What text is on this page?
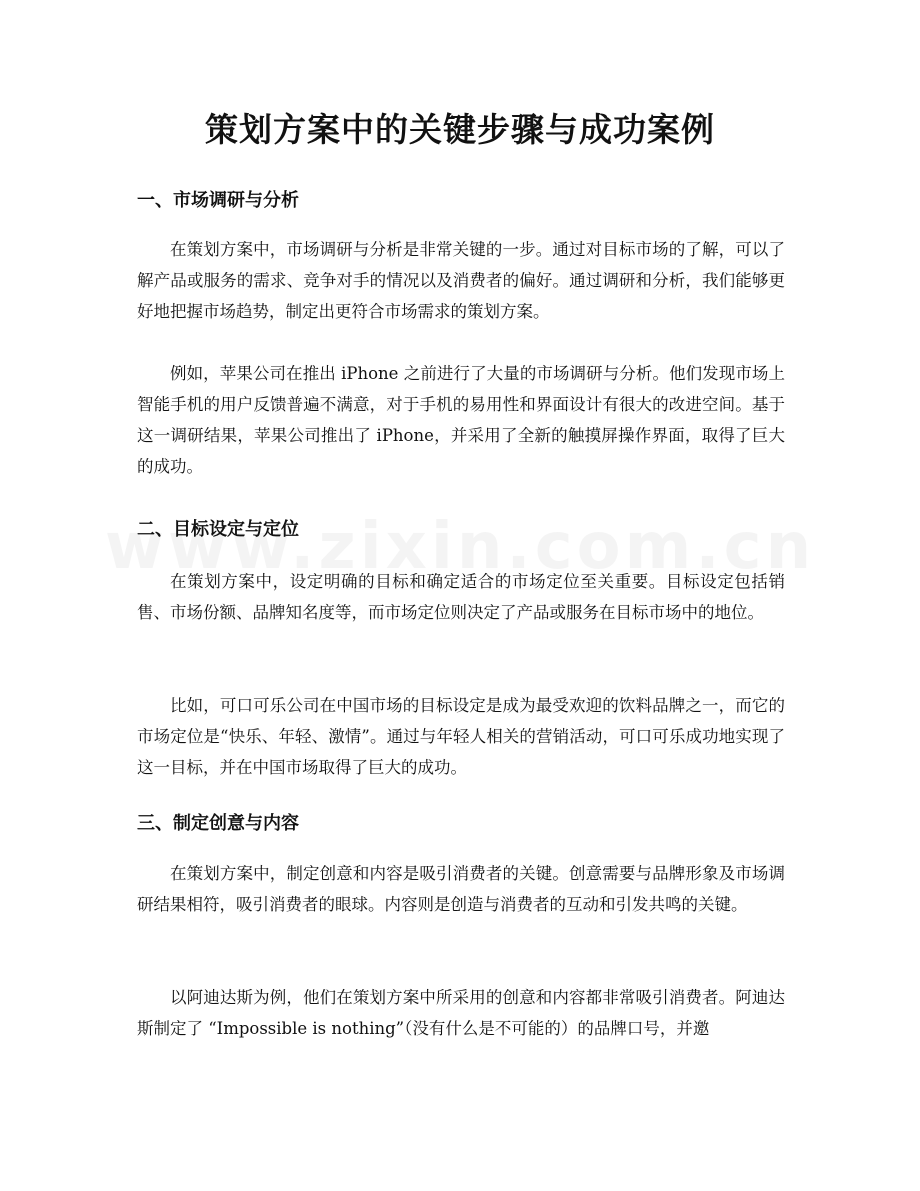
策划方案中的关键步骤与成功案例
一、市场调研与分析

在策划方案中，市场调研与分析是非常关键的一步。通过对目标市场的了解，可以了解产品或服务的需求、竞争对手的情况以及消费者的偏好。通过调研和分析，我们能够更好地把握市场趋势，制定出更符合市场需求的策划方案。

例如，苹果公司在推出 iPhone 之前进行了大量的市场调研与分析。他们发现市场上智能手机的用户反馈普遍不满意，对于手机的易用性和界面设计有很大的改进空间。基于这一调研结果，苹果公司推出了 iPhone，并采用了全新的触摸屏操作界面，取得了巨大的成功。

二、目标设定与定位

在策划方案中，设定明确的目标和确定适合的市场定位至关重要。目标设定包括销售、市场份额、品牌知名度等，而市场定位则决定了产品或服务在目标市场中的地位。

比如，可口可乐公司在中国市场的目标设定是成为最受欢迎的饮料品牌之一，而它的市场定位是“快乐、年轻、激情”。通过与年轻人相关的营销活动，可口可乐成功地实现了这一目标，并在中国市场取得了巨大的成功。

三、制定创意与内容

在策划方案中，制定创意和内容是吸引消费者的关键。创意需要与品牌形象及市场调研结果相符，吸引消费者的眼球。内容则是创造与消费者的互动和引发共鸣的关键。

以阿迪达斯为例，他们在策划方案中所采用的创意和内容都非常吸引消费者。阿迪达斯制定了 “Impossible is nothing”（没有什么是不可能的）的品牌口号，并邀
